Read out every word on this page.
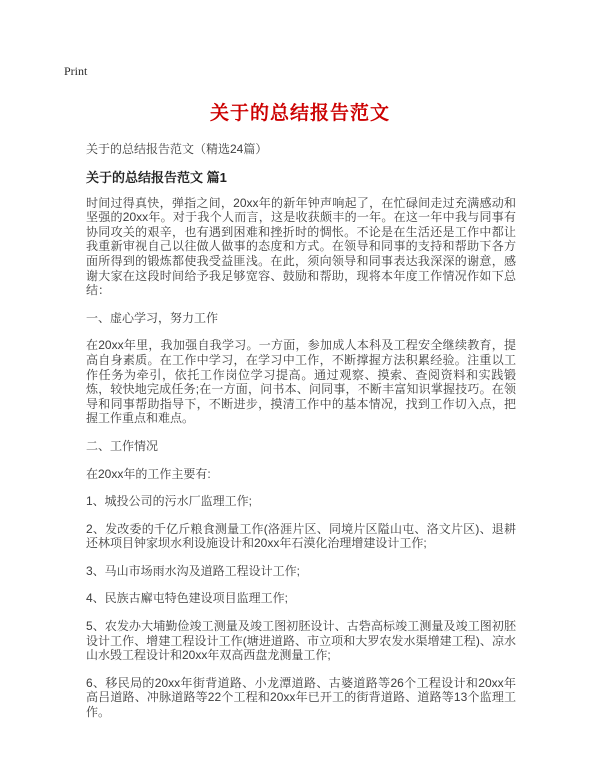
Print
关于的总结报告范文

关于的总结报告范文（精选24篇）

关于的总结报告范文 篇1

时间过得真快，弹指之间，20xx年的新年钟声响起了，在忙碌间走过充满感动和坚强的20xx年。对于我个人而言，这是收获颇丰的一年。在这一年中我与同事有协同攻关的艰辛，也有遇到困难和挫折时的惆怅。不论是在生活还是工作中都让我重新审视自己以往做人做事的态度和方式。在领导和同事的支持和帮助下各方面所得到的锻炼都使我受益匪浅。在此，须向领导和同事表达我深深的谢意，感谢大家在这段时间给予我足够宽容、鼓励和帮助，现将本年度工作情况作如下总结：

一、虚心学习，努力工作

在20xx年里，我加强自我学习。一方面，参加成人本科及工程安全继续教育，提高自身素质。在工作中学习，在学习中工作，不断撑握方法积累经验。注重以工作任务为牵引，依托工作岗位学习提高。通过观察、摸索、查阅资料和实践锻炼，较快地完成任务;在一方面，问书本、问同事，不断丰富知识掌握技巧。在领导和同事帮助指导下，不断进步，摸清工作中的基本情况，找到工作切入点，把握工作重点和难点。

二、工作情况

在20xx年的工作主要有:

1、城投公司的污水厂监理工作;

2、发改委的千亿斤粮食测量工作(洛涯片区、同境片区隘山屯、洛文片区)、退耕还林项目钟家坝水利设施设计和20xx年石漠化治理增建设计工作;

3、马山市场雨水沟及道路工程设计工作;

4、民族古廨屯特色建设项目监理工作;

5、农发办大埔勤俭竣工测量及竣工图初胚设计、古砦高标竣工测量及竣工图初胚设计工作、增建工程设计工作(塘进道路、市立项和大罗农发水渠增建工程)、凉水山水毁工程设计和20xx年双高西盘龙测量工作;

6、移民局的20xx年街背道路、小龙潭道路、古婆道路等26个工程设计和20xx年高吕道路、冲脉道路等22个工程和20xx年已开工的街背道路、道路等13个监理工作。
